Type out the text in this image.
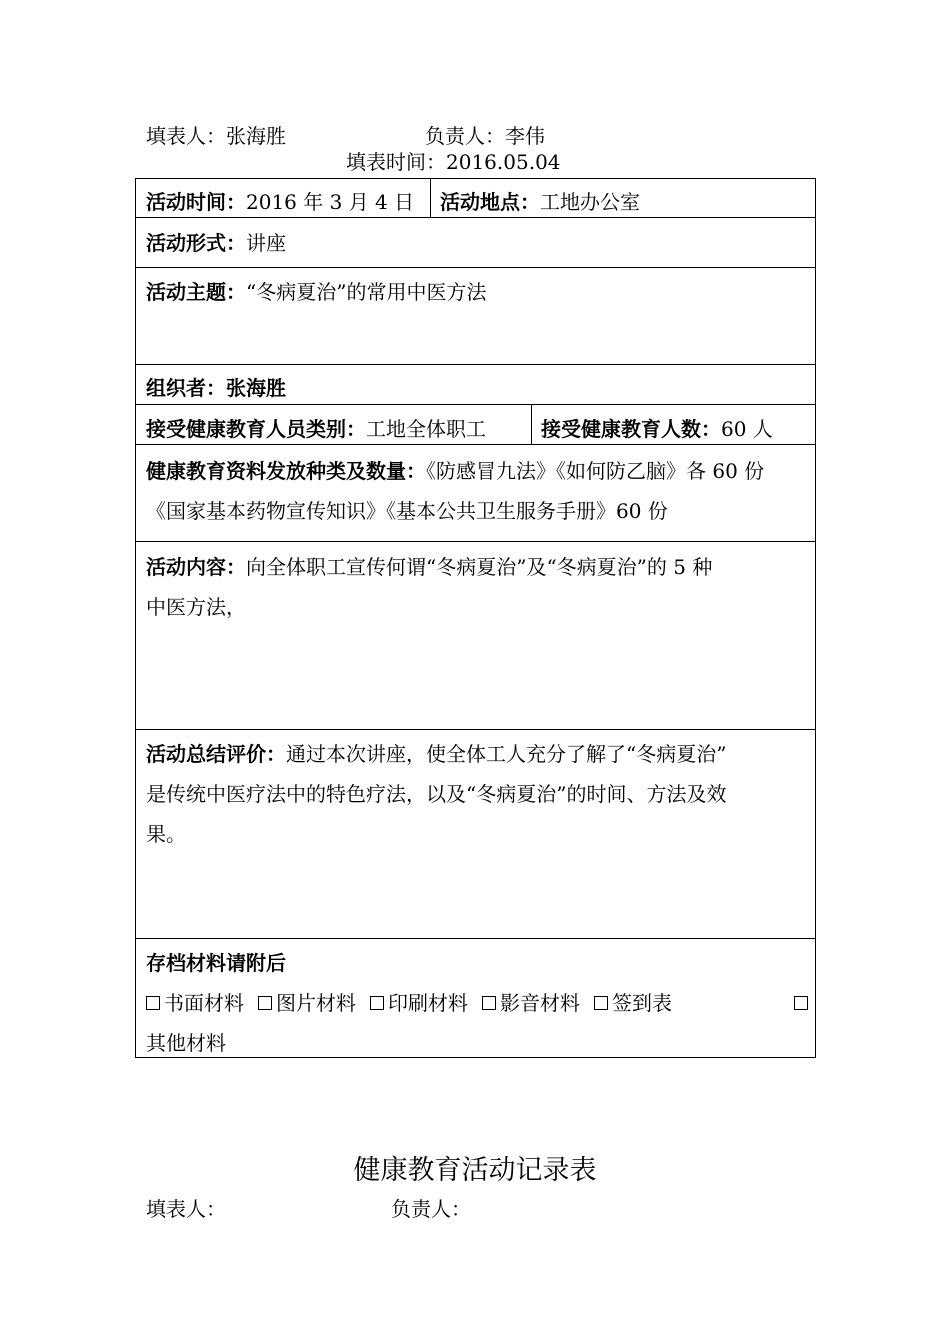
填表人：张海胜	负责人：李伟
填表时间：2016.05.04
活动时间：2016 年 3 月 4 日 活动地点：工地办公室
活动形式：讲座
活动主题：“冬病夏治”的常用中医方法
组织者：张海胜
接受健康教育人员类别：工地全体职工	接受健康教育人数：60 人
健康教育资料发放种类及数量：《防感冒九法》《如何防乙脑》各 60 份
《国家基本药物宣传知识》《基本公共卫生服务手册》60 份
活动内容：向全体职工宣传何谓“冬病夏治”及“冬病夏治”的 5 种
中医方法，
活动总结评价：通过本次讲座，使全体工人充分了解了“冬病夏治”
是传统中医疗法中的特色疗法，以及“冬病夏治”的时间、方法及效
果。
存档材料请附后
书面材料 图片材料 印刷材料 影音材料 签到表
其他材料
健康教育活动记录表
填表人：	负责人：
